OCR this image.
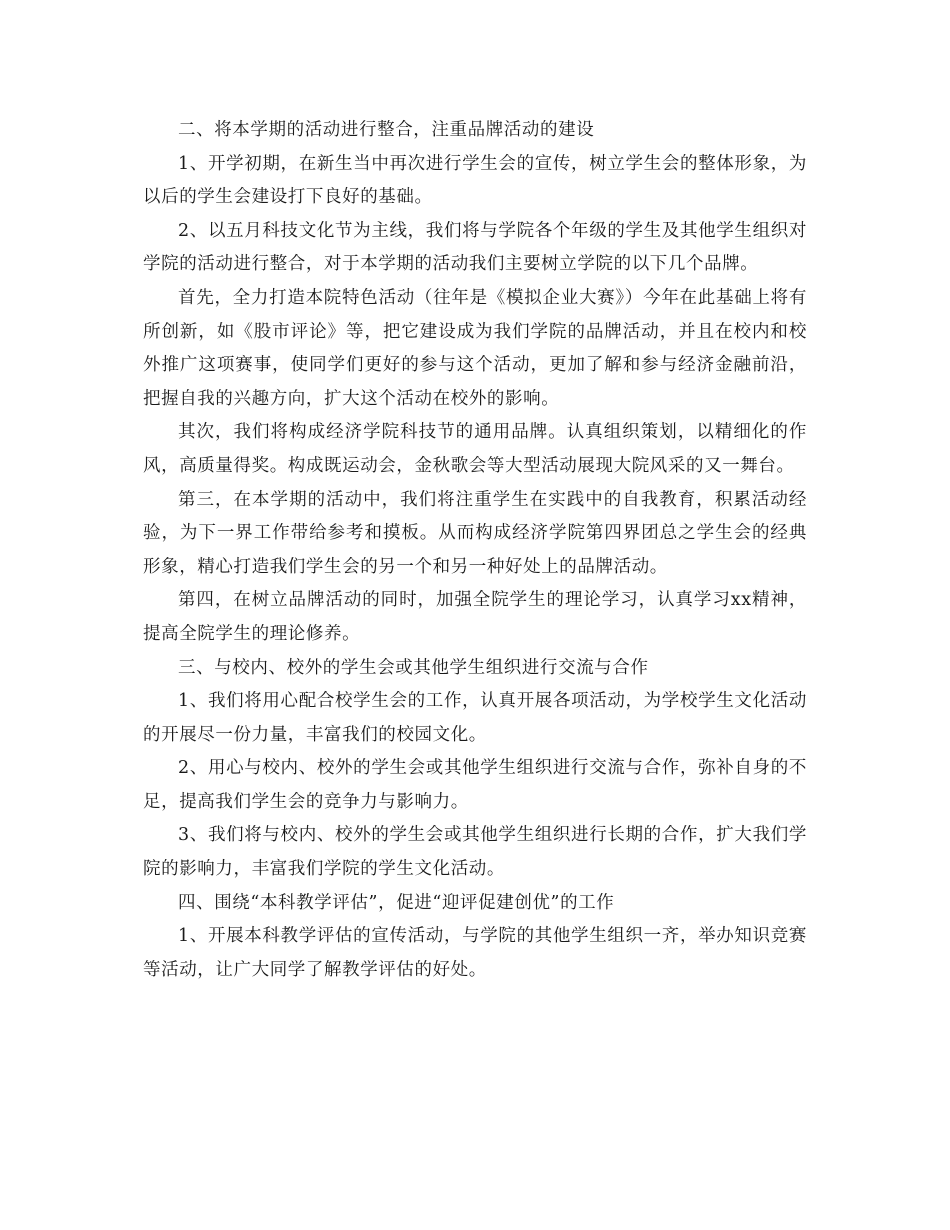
二、将本学期的活动进行整合，注重品牌活动的建设

1、开学初期，在新生当中再次进行学生会的宣传，树立学生会的整体形象，为以后的学生会建设打下良好的基础。

2、以五月科技文化节为主线，我们将与学院各个年级的学生及其他学生组织对学院的活动进行整合，对于本学期的活动我们主要树立学院的以下几个品牌。

首先，全力打造本院特色活动（往年是《模拟企业大赛》）今年在此基础上将有所创新，如《股市评论》等，把它建设成为我们学院的品牌活动，并且在校内和校外推广这项赛事，使同学们更好的参与这个活动，更加了解和参与经济金融前沿，把握自我的兴趣方向，扩大这个活动在校外的影响。

其次，我们将构成经济学院科技节的通用品牌。认真组织策划，以精细化的作风，高质量得奖。构成既运动会，金秋歌会等大型活动展现大院风采的又一舞台。

第三，在本学期的活动中，我们将注重学生在实践中的自我教育，积累活动经验，为下一界工作带给参考和摸板。从而构成经济学院第四界团总之学生会的经典形象，精心打造我们学生会的另一个和另一种好处上的品牌活动。

第四，在树立品牌活动的同时，加强全院学生的理论学习，认真学习xx精神，提高全院学生的理论修养。

三、与校内、校外的学生会或其他学生组织进行交流与合作

1、我们将用心配合校学生会的工作，认真开展各项活动，为学校学生文化活动的开展尽一份力量，丰富我们的校园文化。

2、用心与校内、校外的学生会或其他学生组织进行交流与合作，弥补自身的不足，提高我们学生会的竞争力与影响力。

3、我们将与校内、校外的学生会或其他学生组织进行长期的合作，扩大我们学院的影响力，丰富我们学院的学生文化活动。

四、围绕“本科教学评估”，促进“迎评促建创优”的工作

1、开展本科教学评估的宣传活动，与学院的其他学生组织一齐，举办知识竞赛等活动，让广大同学了解教学评估的好处。
